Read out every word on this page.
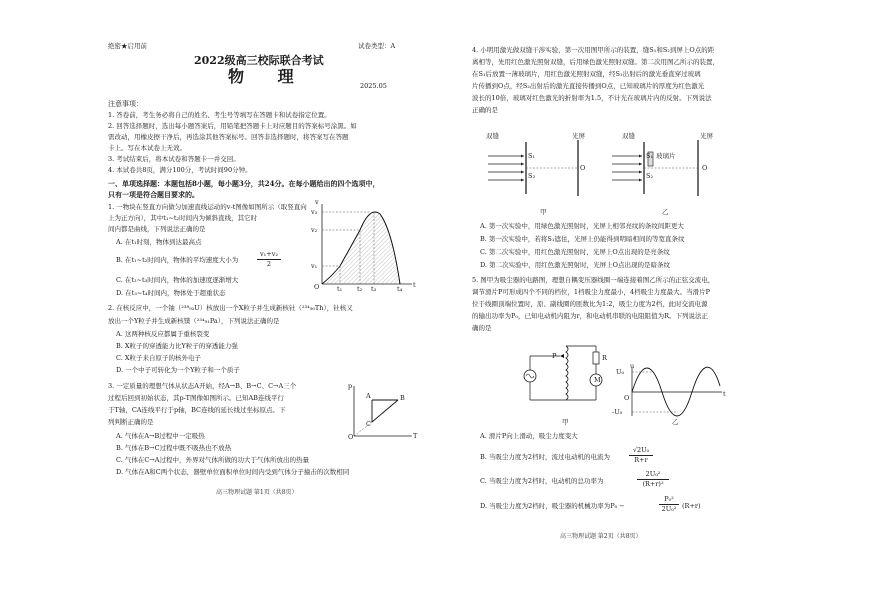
绝密★启用前	试卷类型：A
2022级高三校际联合考试
物 理	2025.05
注意事项：
1. 答卷前，考生务必将自己的姓名、考生号等填写在答题卡和试卷指定位置。
2. 回答选择题时，选出每小题答案后，用铅笔把答题卡上对应题目的答案标号涂黑。如
需改动，用橡皮擦干净后，再选涂其他答案标号。回答非选择题时，将答案写在答题
卡上。写在本试卷上无效。
3. 考试结束后，将本试卷和答题卡一并交回。
4. 本试卷共8页，满分100分，考试时间90分钟。
一、单项选择题：本题包括8小题，每小题3分，共24分。在每小题给出的四个选项中，
只有一项是符合题目要求的。
1. 一物块在竖直方向做匀加速直线运动的v-t图像如图所示（取竖直向
上为正方向），其中t₁~t₂时间内为倾斜直线，其它时
间内都是曲线，下列说法正确的是
A. 在t₁时刻，物体到达最高点
B. 在t₁~t₂时间内，物体的平均速度大小为
v₁+v₂
2
C. 在t₂~t₃时间内，物体的加速度逐渐增大
D. 在t₃~t₄时间内，物体处于超重状态
v
t
O
v₃
v₂
v₁
t₁ t₂ t₃	t₄
2. 在核反应中，一个铀（²³⁸₉₂U）核放出一个X粒子并生成新核钍（²³⁴₉₀Th），钍核又
放出一个Y粒子并生成新核镤（²³⁴₉₁Pa），下列说法正确的是
A. 这两种核反应都属于重核裂变
B. X粒子的穿透能力比Y粒子的穿透能力强
C. X粒子来自原子的核外电子
D. 一个中子可转化为一个Y粒子和一个质子
3. 一定质量的理想气体从状态A开始，经A→B、B→C、C→A三个
过程后回到初始状态，其p-T图像如图所示。已知AB连线平行
于T轴，CA连线平行于p轴，BC连线的延长线过坐标原点。下
列判断正确的是
A. 气体在A→B过程中一定吸热
B. 气体在B→C过程中既不吸热也不放热
C. 气体在C→A过程中，外界对气体所做的功大于气体所放出的热量
D. 气体在A和C两个状态，器壁单位面积单位时间内受到气体分子撞击的次数相同
p
T
O
A	B
C
高三物理试题 第1页（共8页）
4. 小明用激光做双缝干涉实验，第一次用图甲所示的装置，缝S₁和S₂到屏上O点的距
离相等，先用红色激光照射双缝，后用绿色激光照射双缝。第二次用图乙所示的装置，
在S₁后放置一薄玻璃片，用红色激光照射双缝，经S₁出射后的激光垂直穿过玻璃
片传播到O点，经S₂出射后的激光直接传播到O点，已知玻璃片的厚度为红色激光
波长的10倍，玻璃对红色激光的折射率为1.5，不计光在玻璃片内的反射。下列说法
正确的是
双缝	光屏
S₁
S₂
O
甲
双缝	光屏
玻璃片
S₁
S₂
O
乙
A. 第一次实验中，用绿色激光照射时，光屏上相邻亮纹的条纹间距更大
B. 第一次实验中，若将S₁遮住，光屏上仍能得到明暗相间的等宽直条纹
C. 第二次实验中，用红色激光照射时，光屏上O点出现的是亮条纹
D. 第二次实验中，用红色激光照射时，光屏上O点出现的是暗条纹
5. 图甲为吸尘器的电路图，理想自耦变压器线圈一端连接着图乙所示的正弦交流电，
调节滑片P可形成四个不同的档位，1档吸尘力度最小，4档吸尘力度最大。当滑片P
位于线圈顶端位置时，原、副线圈的匝数比为1:2，吸尘力度为2档，此时交流电源
的输出功率为P₀，已知电动机内阻为r，和电动机串联的电阻阻值为R。下列说法正
确的是
P	R
M
甲
u
t
U₀
-U₀
O
乙
A. 滑片P向上滑动，吸尘力度变大
B. 当吸尘力度为2档时，流过电动机的电流为
√2U₀
R+r
C. 当吸尘力度为2档时，电动机的总功率为
2U₀²
(R+r)²
D. 当吸尘力度为2档时，吸尘器的机械功率为P₀ −
P₀²
2U₀² (R+r)
高三物理试题 第2页（共8页）
